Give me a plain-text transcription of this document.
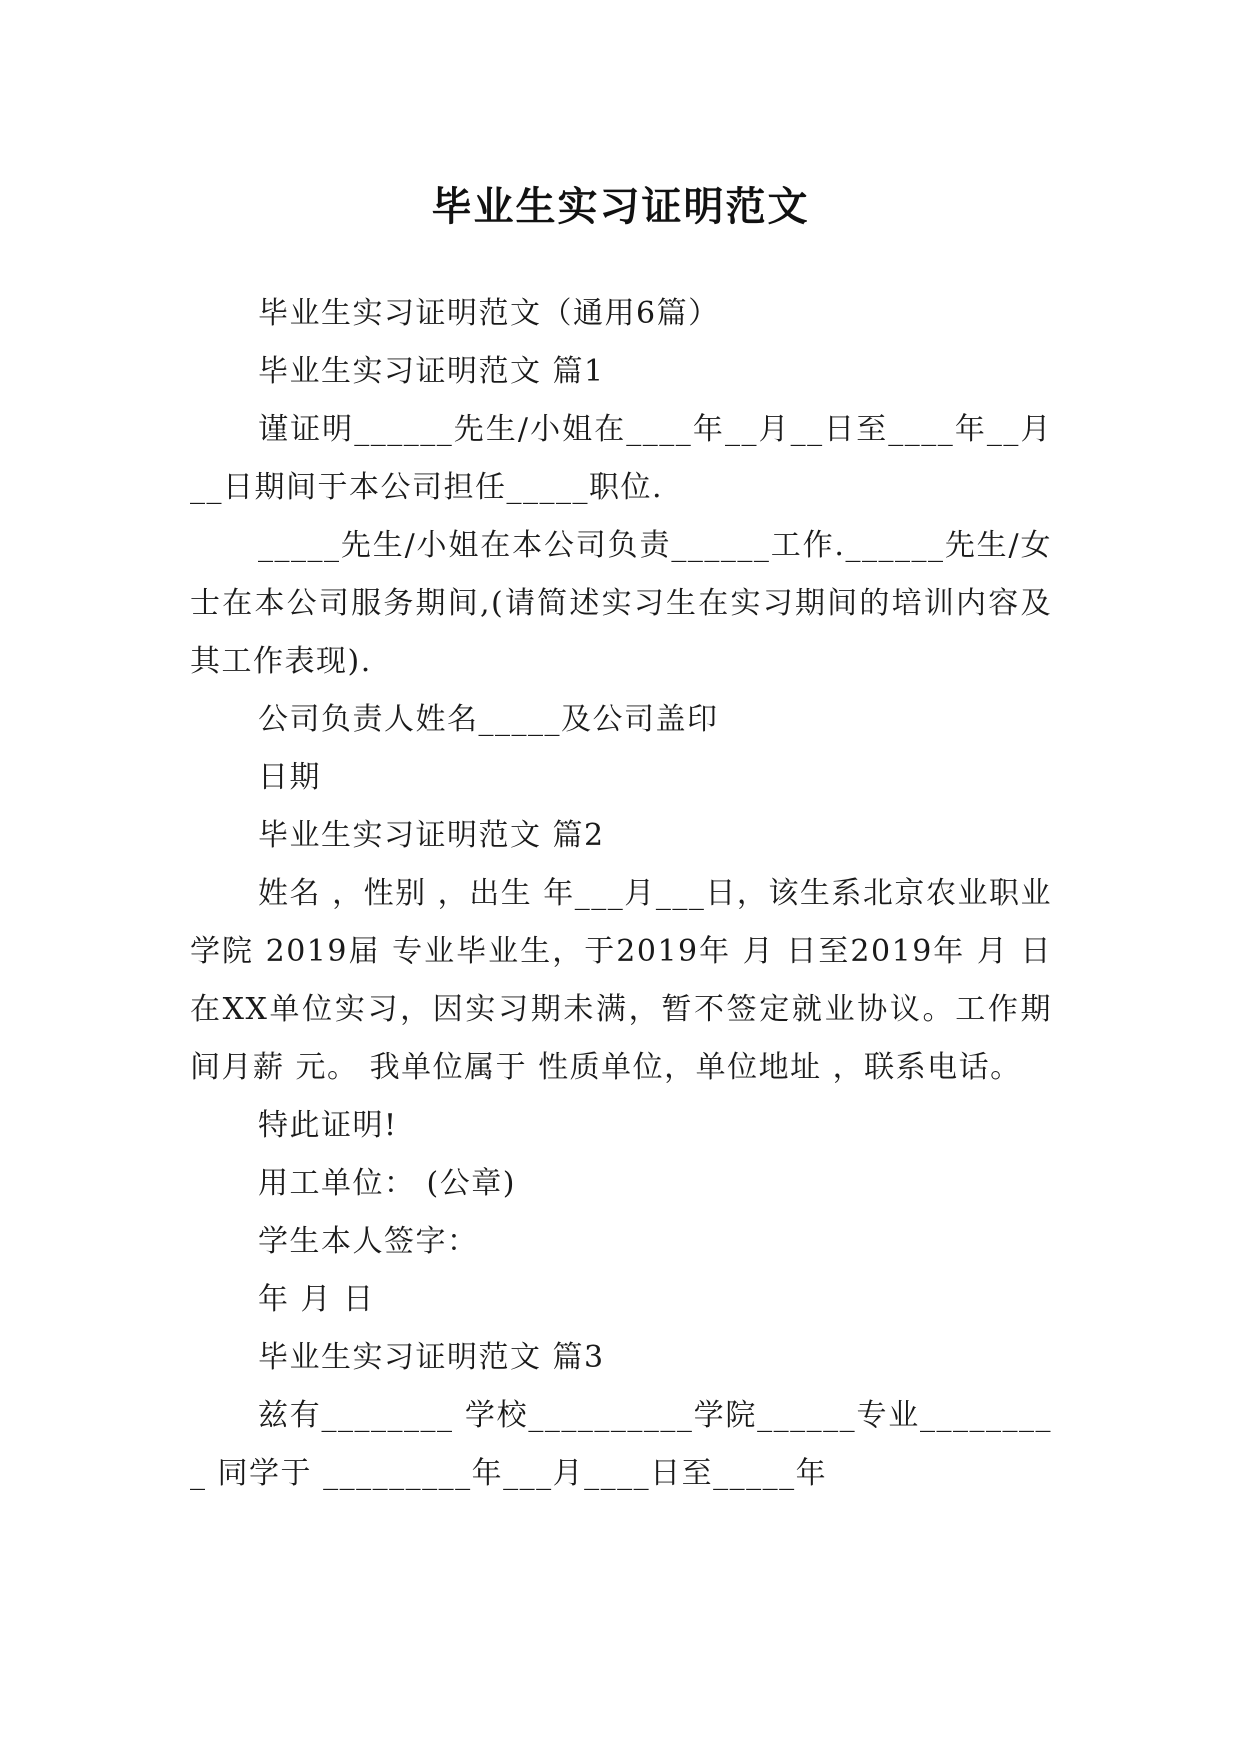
毕业生实习证明范文

毕业生实习证明范文（通用6篇）

毕业生实习证明范文 篇1

谨证明______先生/小姐在____年__月__日至____年__月__日期间于本公司担任_____职位.

_____先生/小姐在本公司负责______工作.______先生/女士在本公司服务期间,(请简述实习生在实习期间的培训内容及其工作表现).

公司负责人姓名_____及公司盖印

日期

毕业生实习证明范文 篇2

姓名 ，性别 ，出生 年___月___日，该生系北京农业职业学院 2019届 专业毕业生，于2019年 月 日至2019年 月 日在XX单位实习，因实习期未满，暂不签定就业协议。工作期间月薪 元。 我单位属于 性质单位，单位地址 ，联系电话。

特此证明!

用工单位： (公章)

学生本人签字：

年 月 日

毕业生实习证明范文 篇3

兹有________ 学校__________学院______专业_________ 同学于 _________年___月____日至_____年
